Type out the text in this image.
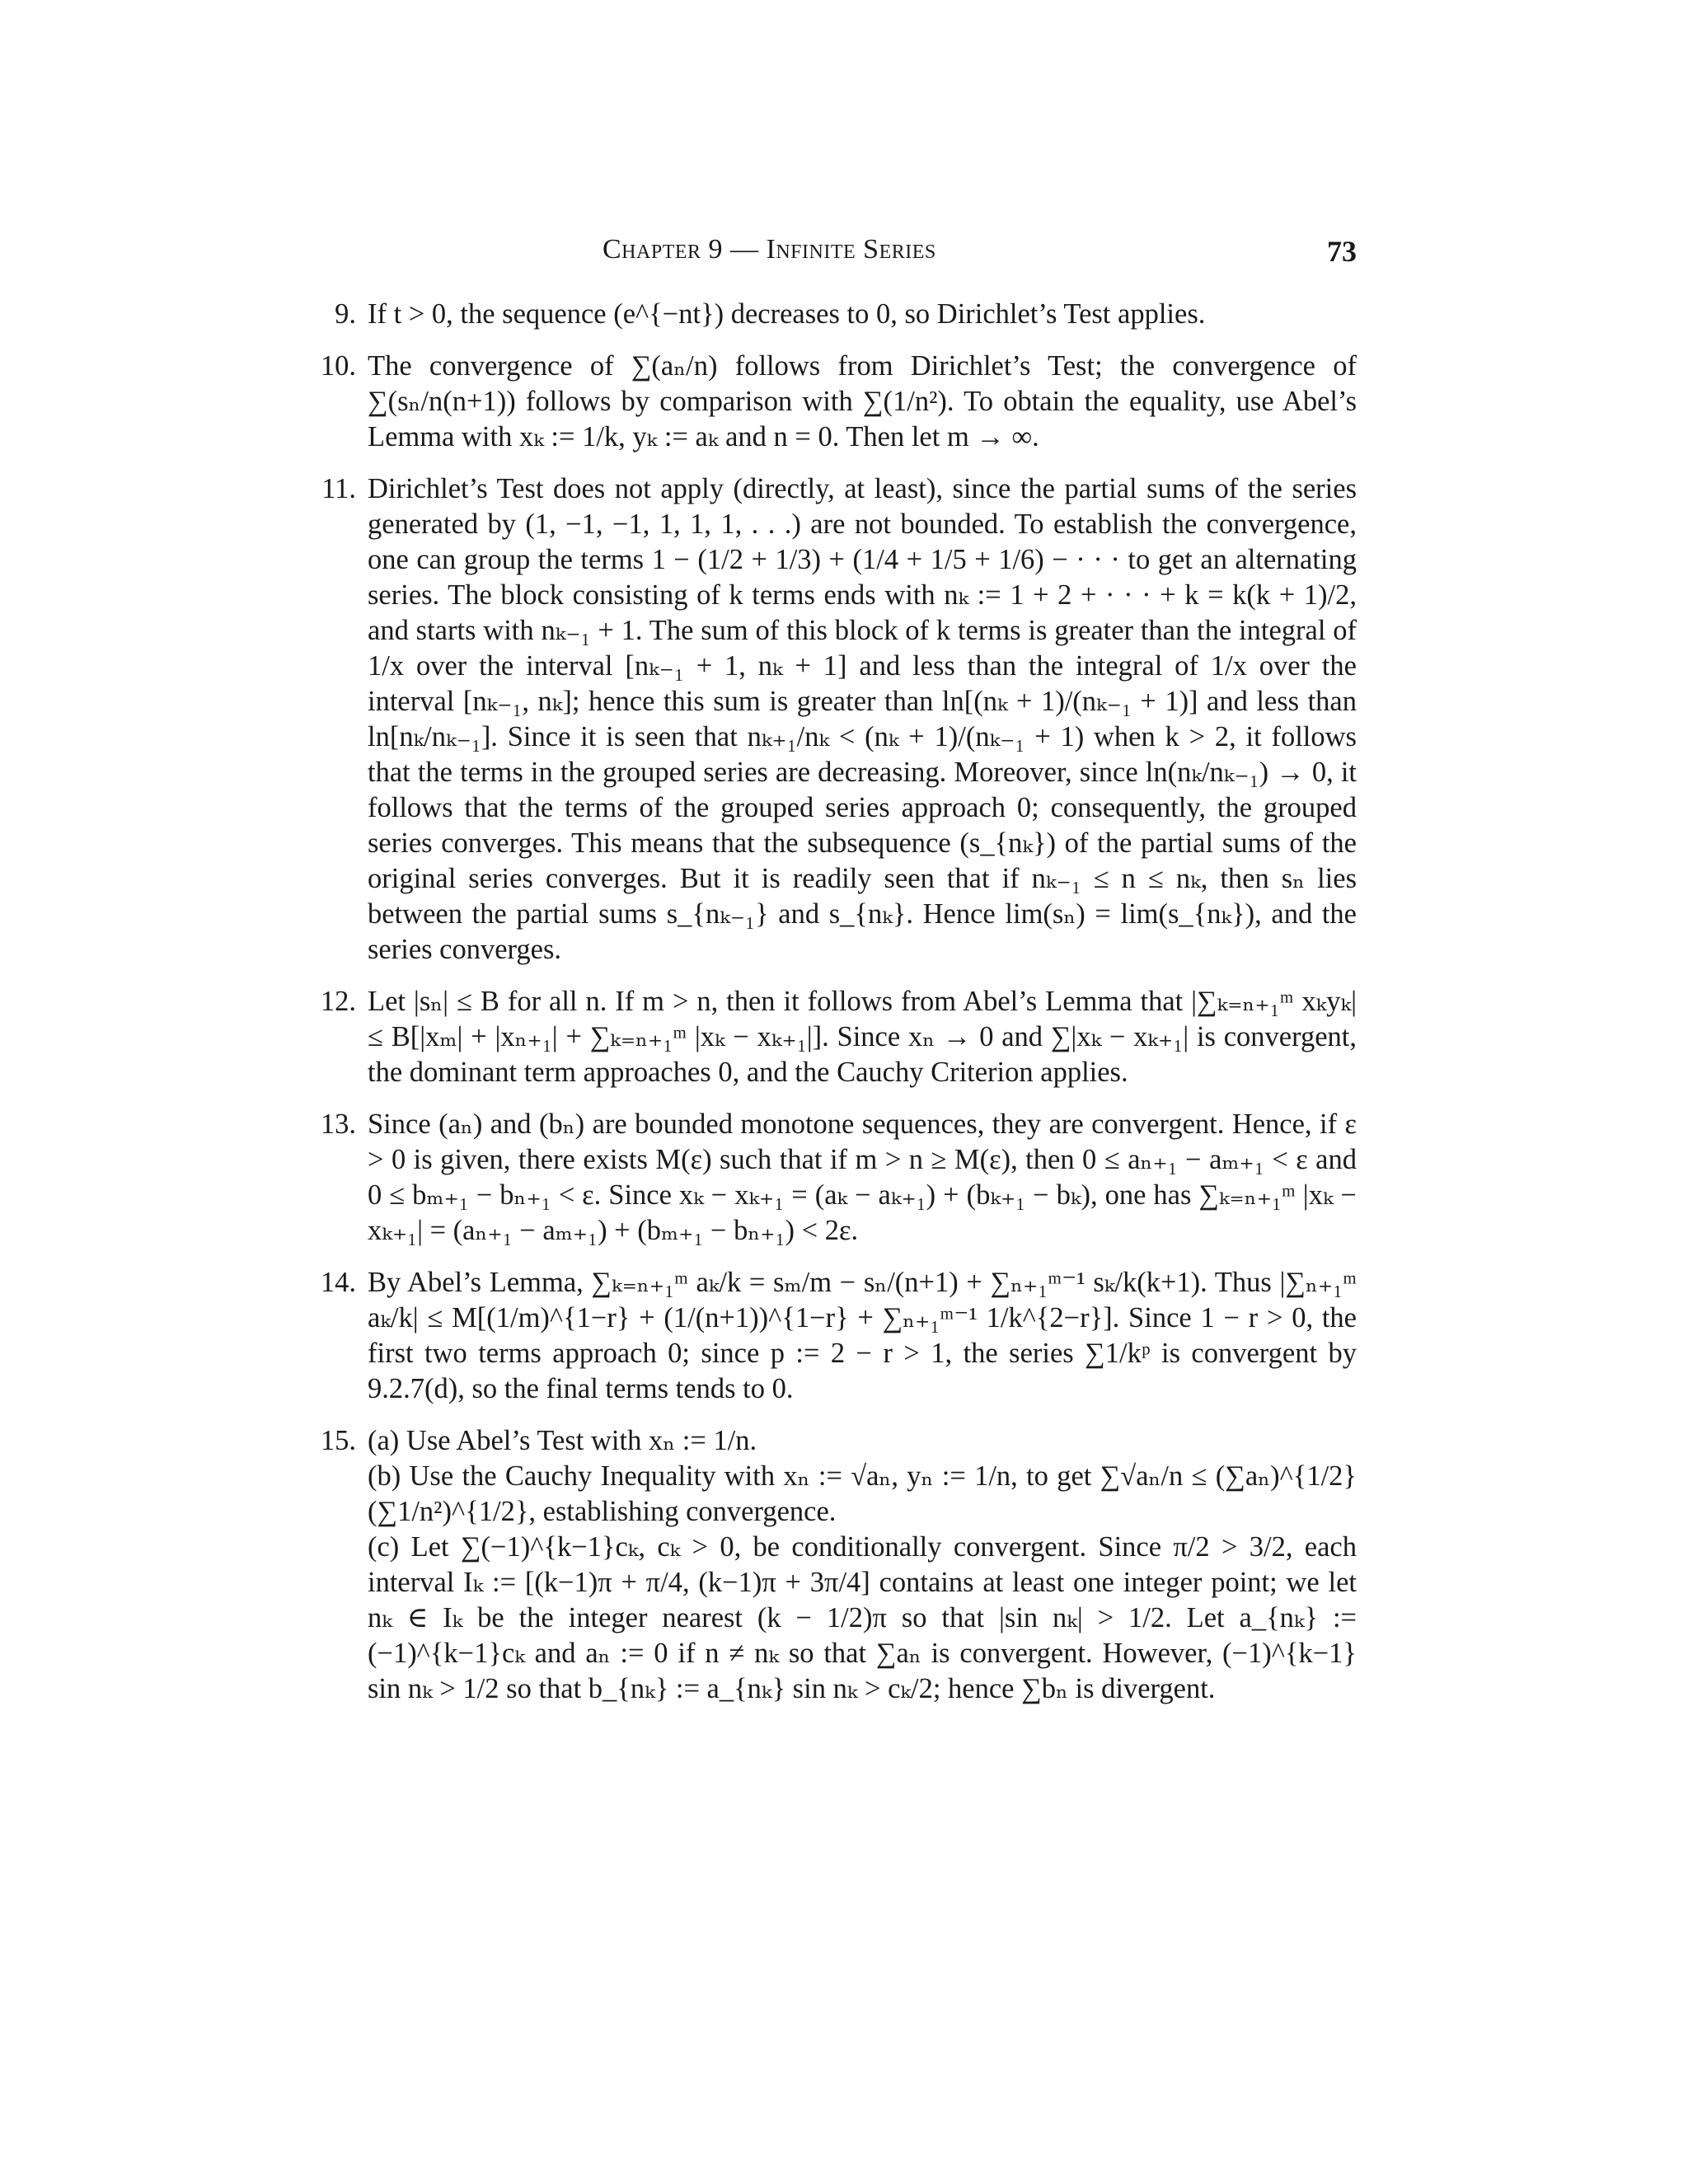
Chapter 9 — Infinite Series	73
9. If t > 0, the sequence (e^{−nt}) decreases to 0, so Dirichlet’s Test applies.
10. The convergence of ∑(aₙ/n) follows from Dirichlet’s Test; the convergence of ∑(sₙ/n(n+1)) follows by comparison with ∑(1/n²). To obtain the equality, use Abel’s Lemma with xₖ := 1/k, yₖ := aₖ and n = 0. Then let m → ∞.
11. Dirichlet’s Test does not apply (directly, at least), since the partial sums of the series generated by (1, −1, −1, 1, 1, 1, . . .) are not bounded. To establish the convergence, one can group the terms 1 − (1/2 + 1/3) + (1/4 + 1/5 + 1/6) − · · · to get an alternating series. The block consisting of k terms ends with nₖ := 1 + 2 + · · · + k = k(k + 1)/2, and starts with nₖ₋₁ + 1. The sum of this block of k terms is greater than the integral of 1/x over the interval [nₖ₋₁ + 1, nₖ + 1] and less than the integral of 1/x over the interval [nₖ₋₁, nₖ]; hence this sum is greater than ln[(nₖ + 1)/(nₖ₋₁ + 1)] and less than ln[nₖ/nₖ₋₁]. Since it is seen that nₖ₊₁/nₖ < (nₖ + 1)/(nₖ₋₁ + 1) when k > 2, it follows that the terms in the grouped series are decreasing. Moreover, since ln(nₖ/nₖ₋₁) → 0, it follows that the terms of the grouped series approach 0; consequently, the grouped series converges. This means that the subsequence (s_{nₖ}) of the partial sums of the original series converges. But it is readily seen that if nₖ₋₁ ≤ n ≤ nₖ, then sₙ lies between the partial sums s_{nₖ₋₁} and s_{nₖ}. Hence lim(sₙ) = lim(s_{nₖ}), and the series converges.
12. Let |sₙ| ≤ B for all n. If m > n, then it follows from Abel’s Lemma that |∑ₖ₌ₙ₊₁ᵐ xₖyₖ| ≤ B[|xₘ| + |xₙ₊₁| + ∑ₖ₌ₙ₊₁ᵐ |xₖ − xₖ₊₁|]. Since xₙ → 0 and ∑|xₖ − xₖ₊₁| is convergent, the dominant term approaches 0, and the Cauchy Criterion applies.
13. Since (aₙ) and (bₙ) are bounded monotone sequences, they are convergent. Hence, if ε > 0 is given, there exists M(ε) such that if m > n ≥ M(ε), then 0 ≤ aₙ₊₁ − aₘ₊₁ < ε and 0 ≤ bₘ₊₁ − bₙ₊₁ < ε. Since xₖ − xₖ₊₁ = (aₖ − aₖ₊₁) + (bₖ₊₁ − bₖ), one has ∑ₖ₌ₙ₊₁ᵐ |xₖ − xₖ₊₁| = (aₙ₊₁ − aₘ₊₁) + (bₘ₊₁ − bₙ₊₁) < 2ε.
14. By Abel’s Lemma, ∑ₖ₌ₙ₊₁ᵐ aₖ/k = sₘ/m − sₙ/(n+1) + ∑ₙ₊₁ᵐ⁻¹ sₖ/k(k+1). Thus |∑ₙ₊₁ᵐ aₖ/k| ≤ M[(1/m)^{1−r} + (1/(n+1))^{1−r} + ∑ₙ₊₁ᵐ⁻¹ 1/k^{2−r}]. Since 1 − r > 0, the first two terms approach 0; since p := 2 − r > 1, the series ∑1/kᵖ is convergent by 9.2.7(d), so the final terms tends to 0.
15. (a) Use Abel’s Test with xₙ := 1/n.
(b) Use the Cauchy Inequality with xₙ := √aₙ, yₙ := 1/n, to get ∑√aₙ/n ≤ (∑aₙ)^{1/2}(∑1/n²)^{1/2}, establishing convergence.
(c) Let ∑(−1)^{k−1}cₖ, cₖ > 0, be conditionally convergent. Since π/2 > 3/2, each interval Iₖ := [(k−1)π + π/4, (k−1)π + 3π/4] contains at least one integer point; we let nₖ ∈ Iₖ be the integer nearest (k − 1/2)π so that |sin nₖ| > 1/2. Let a_{nₖ} := (−1)^{k−1}cₖ and aₙ := 0 if n ≠ nₖ so that ∑aₙ is convergent. However, (−1)^{k−1} sin nₖ > 1/2 so that b_{nₖ} := a_{nₖ} sin nₖ > cₖ/2; hence ∑bₙ is divergent.
